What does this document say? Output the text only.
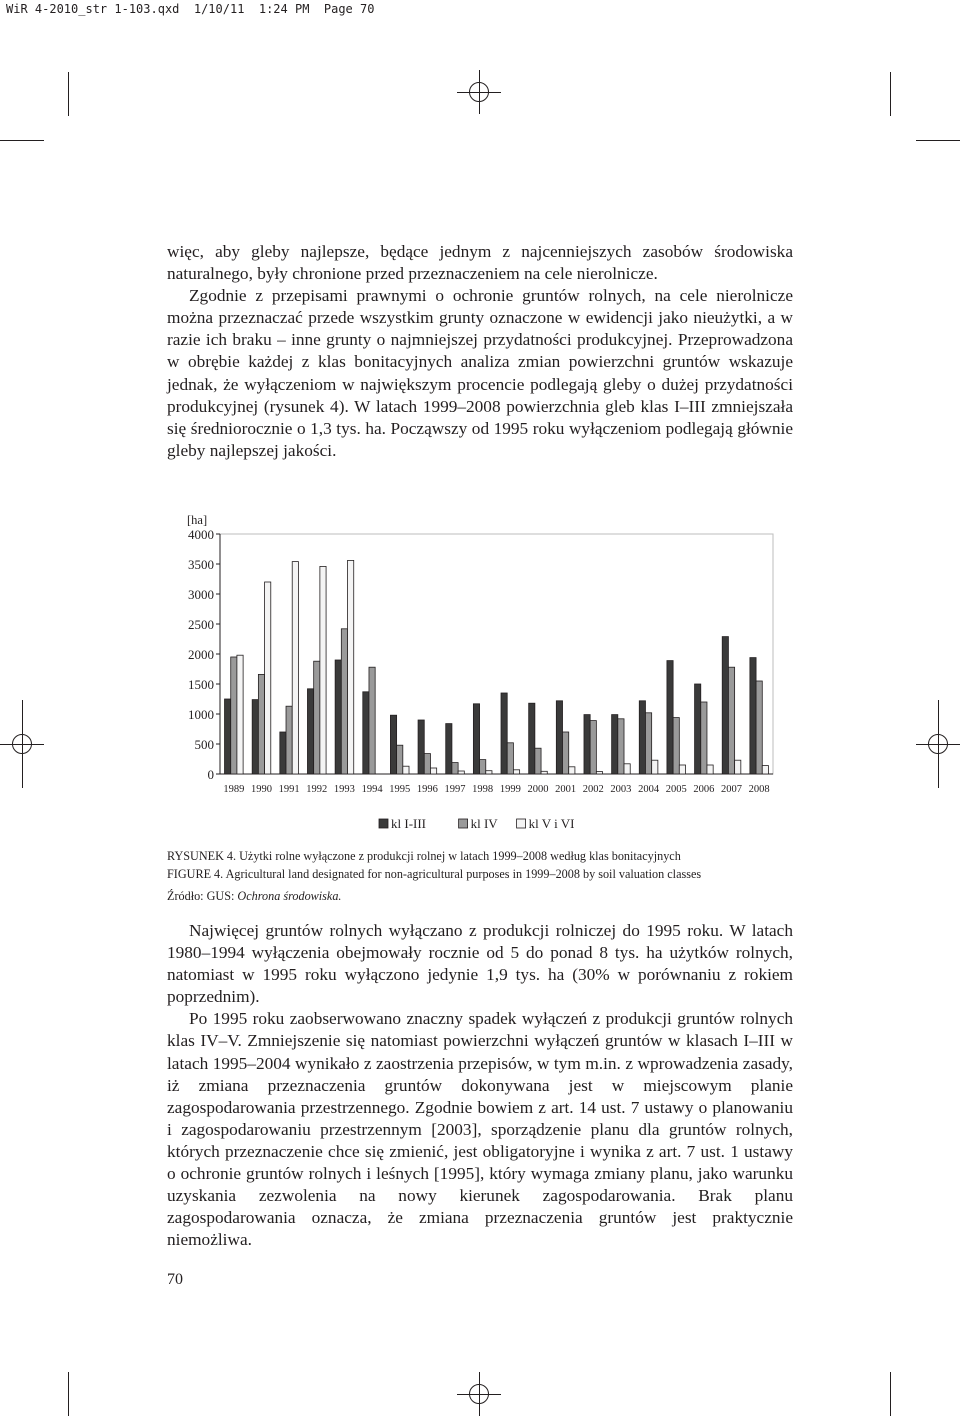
WiR 4-2010_str 1-103.qxd  1/10/11  1:24 PM  Page 70

więc, aby gleby najlepsze, będące jednym z najcenniejszych zasobów środowiska naturalnego, były chronione przed przeznaczeniem na cele nierolnicze.

Zgodnie z przepisami prawnymi o ochronie gruntów rolnych, na cele nierolnicze można przeznaczać przede wszystkim grunty oznaczone w ewidencji jako nieużytki, a w razie ich braku – inne grunty o najmniejszej przydatności produkcyjnej. Przeprowadzona w obrębie każdej z klas bonitacyjnych analiza zmian powierzchni gruntów wskazuje jednak, że wyłączeniom w największym procencie podlegają gleby o dużej przydatności produkcyjnej (rysunek 4). W latach 1999–2008 powierzchnia gleb klas I–III zmniejszała się średniorocznie o 1,3 tys. ha. Począwszy od 1995 roku wyłączeniom podlegają głównie gleby najlepszej jakości.

[ha]
0
500
1000
1500
2000
2500
3000
3500
4000
1989 1990 1991 1992 1993 1994 1995 1996 1997 1998 1999 2000 2001 2002 2003 2004 2005 2006 2007 2008
kl I-III	kl IV kl V i VI
RYSUNEK 4. Użytki rolne wyłączone z produkcji rolnej w latach 1999–2008 według klas bonitacyjnych
FIGURE 4. Agricultural land designated for non-agricultural purposes in 1999–2008 by soil valuation classes
Źródło: GUS: Ochrona środowiska.

Najwięcej gruntów rolnych wyłączano z produkcji rolniczej do 1995 roku. W latach 1980–1994 wyłączenia obejmowały rocznie od 5 do ponad 8 tys. ha użytków rolnych, natomiast w 1995 roku wyłączono jedynie 1,9 tys. ha (30% w porównaniu z rokiem poprzednim).

Po 1995 roku zaobserwowano znaczny spadek wyłączeń z produkcji gruntów rolnych klas IV–V. Zmniejszenie się natomiast powierzchni wyłączeń gruntów w klasach I–III w latach 1995–2004 wynikało z zaostrzenia przepisów, w tym m.in. z wprowadzenia zasady, iż zmiana przeznaczenia gruntów dokonywana jest w miejscowym planie zagospodarowania przestrzennego. Zgodnie bowiem z art. 14 ust. 7 ustawy o planowaniu i zagospodarowaniu przestrzennym [2003], sporządzenie planu dla gruntów rolnych, których przeznaczenie chce się zmienić, jest obligatoryjne i wynika z art. 7 ust. 1 ustawy o ochronie gruntów rolnych i leśnych [1995], który wymaga zmiany planu, jako warunku uzyskania zezwolenia na nowy kierunek zagospodarowania. Brak planu zagospodarowania oznacza, że zmiana przeznaczenia gruntów jest praktycznie niemożliwa.

70
